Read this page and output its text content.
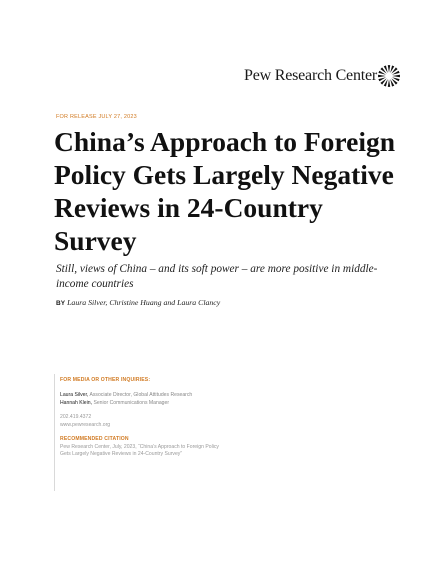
Pew Research Center
FOR RELEASE JULY 27, 2023
China’s Approach to Foreign Policy Gets Largely Negative Reviews in 24-Country Survey

Still, views of China – and its soft power – are more positive in middle-income countries

BY Laura Silver, Christine Huang and Laura Clancy
FOR MEDIA OR OTHER INQUIRIES:
Laura Silver, Associate Director, Global Attitudes Research
Hannah Klein, Senior Communications Manager
202.419.4372
www.pewresearch.org
RECOMMENDED CITATION
Pew Research Center, July, 2023, “China’s Approach to Foreign Policy Gets Largely Negative Reviews in 24-Country Survey”
